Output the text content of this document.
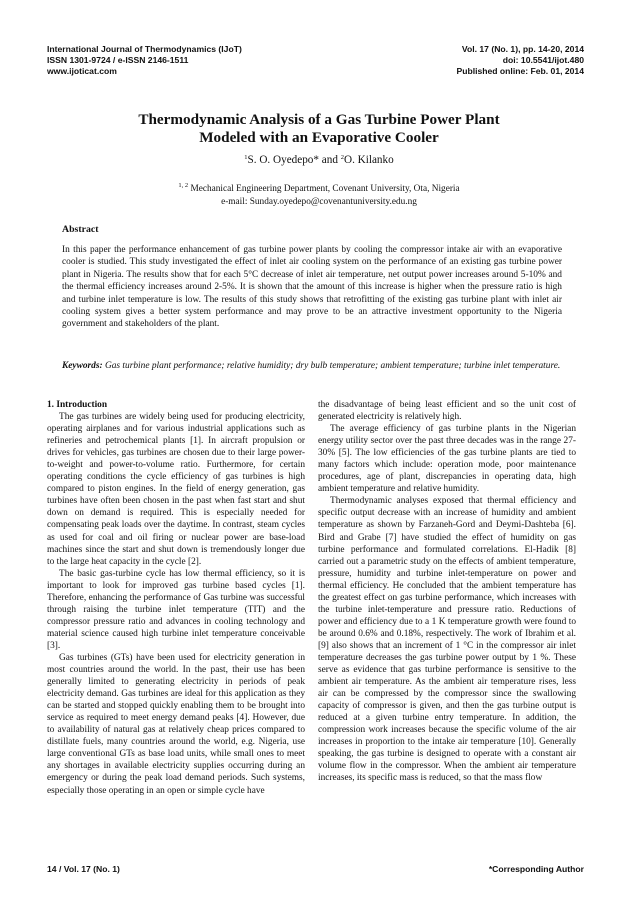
International Journal of Thermodynamics (IJoT)
ISSN 1301-9724 / e-ISSN 2146-1511
www.ijoticat.com
Vol. 17 (No. 1), pp. 14-20, 2014
doi: 10.5541/ijot.480
Published online: Feb. 01, 2014
Thermodynamic Analysis of a Gas Turbine Power Plant
Modeled with an Evaporative Cooler
$^1$S. O. Oyedepo* and $^2$O. Kilanko
$^{1, 2}$ Mechanical Engineering Department, Covenant University, Ota, Nigeria
e-mail: Sunday.oyedepo@covenantuniversity.edu.ng
Abstract
In this paper the performance enhancement of gas turbine power plants by cooling the compressor intake air with an evaporative cooler is studied. This study investigated the effect of inlet air cooling system on the performance of an existing gas turbine power plant in Nigeria. The results show that for each 5°C decrease of inlet air temperature, net output power increases around 5-10% and the thermal efficiency increases around 2-5%. It is shown that the amount of this increase is higher when the pressure ratio is high and turbine inlet temperature is low. The results of this study shows that retrofitting of the existing gas turbine plant with inlet air cooling system gives a better system performance and may prove to be an attractive investment opportunity to the Nigeria government and stakeholders of the plant.
Keywords: Gas turbine plant performance; relative humidity; dry bulb temperature; ambient temperature; turbine inlet temperature.
1. Introduction

The gas turbines are widely being used for producing electricity, operating airplanes and for various industrial applications such as refineries and petrochemical plants [1]. In aircraft propulsion or drives for vehicles, gas turbines are chosen due to their large power-to-weight and power-to-volume ratio. Furthermore, for certain operating conditions the cycle efficiency of gas turbines is high compared to piston engines. In the field of energy generation, gas turbines have often been chosen in the past when fast start and shut down on demand is required. This is especially needed for compensating peak loads over the daytime. In contrast, steam cycles as used for coal and oil firing or nuclear power are base-load machines since the start and shut down is tremendously longer due to the large heat capacity in the cycle [2].

The basic gas-turbine cycle has low thermal efficiency, so it is important to look for improved gas turbine based cycles [1]. Therefore, enhancing the performance of Gas turbine was successful through raising the turbine inlet temperature (TIT) and the compressor pressure ratio and advances in cooling technology and material science caused high turbine inlet temperature conceivable [3].

Gas turbines (GTs) have been used for electricity generation in most countries around the world. In the past, their use has been generally limited to generating electricity in periods of peak electricity demand. Gas turbines are ideal for this application as they can be started and stopped quickly enabling them to be brought into service as required to meet energy demand peaks [4]. However, due to availability of natural gas at relatively cheap prices compared to distillate fuels, many countries around the world, e.g. Nigeria, use large conventional GTs as base load units, while small ones to meet any shortages in available electricity supplies occurring during an emergency or during the peak load demand periods. Such systems, especially those operating in an open or simple cycle have

the disadvantage of being least efficient and so the unit cost of generated electricity is relatively high.

The average efficiency of gas turbine plants in the Nigerian energy utility sector over the past three decades was in the range 27-30% [5]. The low efficiencies of the gas turbine plants are tied to many factors which include: operation mode, poor maintenance procedures, age of plant, discrepancies in operating data, high ambient temperature and relative humidity.

Thermodynamic analyses exposed that thermal efficiency and specific output decrease with an increase of humidity and ambient temperature as shown by Farzaneh-Gord and Deymi-Dashteba [6]. Bird and Grabe [7] have studied the effect of humidity on gas turbine performance and formulated correlations. El-Hadik [8] carried out a parametric study on the effects of ambient temperature, pressure, humidity and turbine inlet-temperature on power and thermal efficiency. He concluded that the ambient temperature has the greatest effect on gas turbine performance, which increases with the turbine inlet-temperature and pressure ratio. Reductions of power and efficiency due to a 1 K temperature growth were found to be around 0.6% and 0.18%, respectively. The work of Ibrahim et al. [9] also shows that an increment of 1 °C in the compressor air inlet temperature decreases the gas turbine power output by 1 %. These serve as evidence that gas turbine performance is sensitive to the ambient air temperature. As the ambient air temperature rises, less air can be compressed by the compressor since the swallowing capacity of compressor is given, and then the gas turbine output is reduced at a given turbine entry temperature. In addition, the compression work increases because the specific volume of the air increases in proportion to the intake air temperature [10]. Generally speaking, the gas turbine is designed to operate with a constant air volume flow in the compressor. When the ambient air temperature increases, its specific mass is reduced, so that the mass flow

14 / Vol. 17 (No. 1)	*Corresponding Author
